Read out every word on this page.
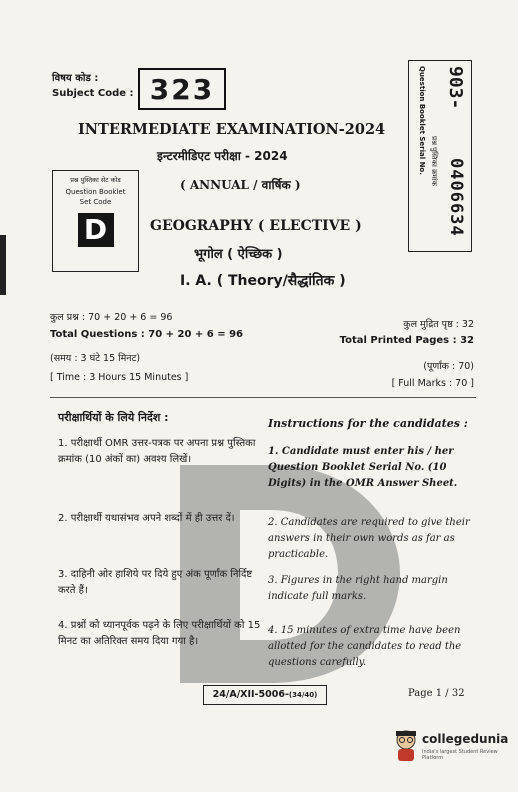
विषय कोड :
Subject Code : 323	903-
0406634
प्रश्न पुस्तिका क्रमांक
Question Booklet Serial No.
INTERMEDIATE EXAMINATION-2024
इन्टरमीडिएट परीक्षा - 2024
( ANNUAL / वार्षिक )
प्रश्न पुस्तिका सेट कोड
Question Booklet
Set Code
D	GEOGRAPHY ( ELECTIVE )
भूगोल ( ऐच्छिक )
I. A. ( Theory/सैद्धांतिक )
कुल प्रश्न : 70 + 20 + 6 = 96
Total Questions : 70 + 20 + 6 = 96
कुल मुद्रित पृष्ठ : 32
Total Printed Pages : 32
(समय : 3 घंटे 15 मिनट)
[ Time : 3 Hours 15 Minutes ]
(पूर्णांक : 70)
[ Full Marks : 70 ]
परीक्षार्थियों के लिये निर्देश :	Instructions for the candidates :
1. परीक्षार्थी OMR उत्तर-पत्रक पर अपना प्रश्न पुस्तिका क्रमांक (10 अंकों का) अवश्य लिखें।
2. परीक्षार्थी यथासंभव अपने शब्दों में ही उत्तर दें।
3. दाहिनी ओर हाशिये पर दिये हुए अंक पूर्णांक निर्दिष्ट करते हैं।
4. प्रश्नों को ध्यानपूर्वक पढ़ने के लिए परीक्षार्थियों को 15 मिनट का अतिरिक्त समय दिया गया है।
1. Candidate must enter his / her Question Booklet Serial No. (10 Digits) in the OMR Answer Sheet.
2. Candidates are required to give their answers in their own words as far as practicable.
3. Figures in the right hand margin indicate full marks.
4. 15 minutes of extra time have been allotted for the candidates to read the questions carefully.
24/A/XII-5006-(34/40)	Page 1 / 32
collegedunia
India's largest Student Review Platform
